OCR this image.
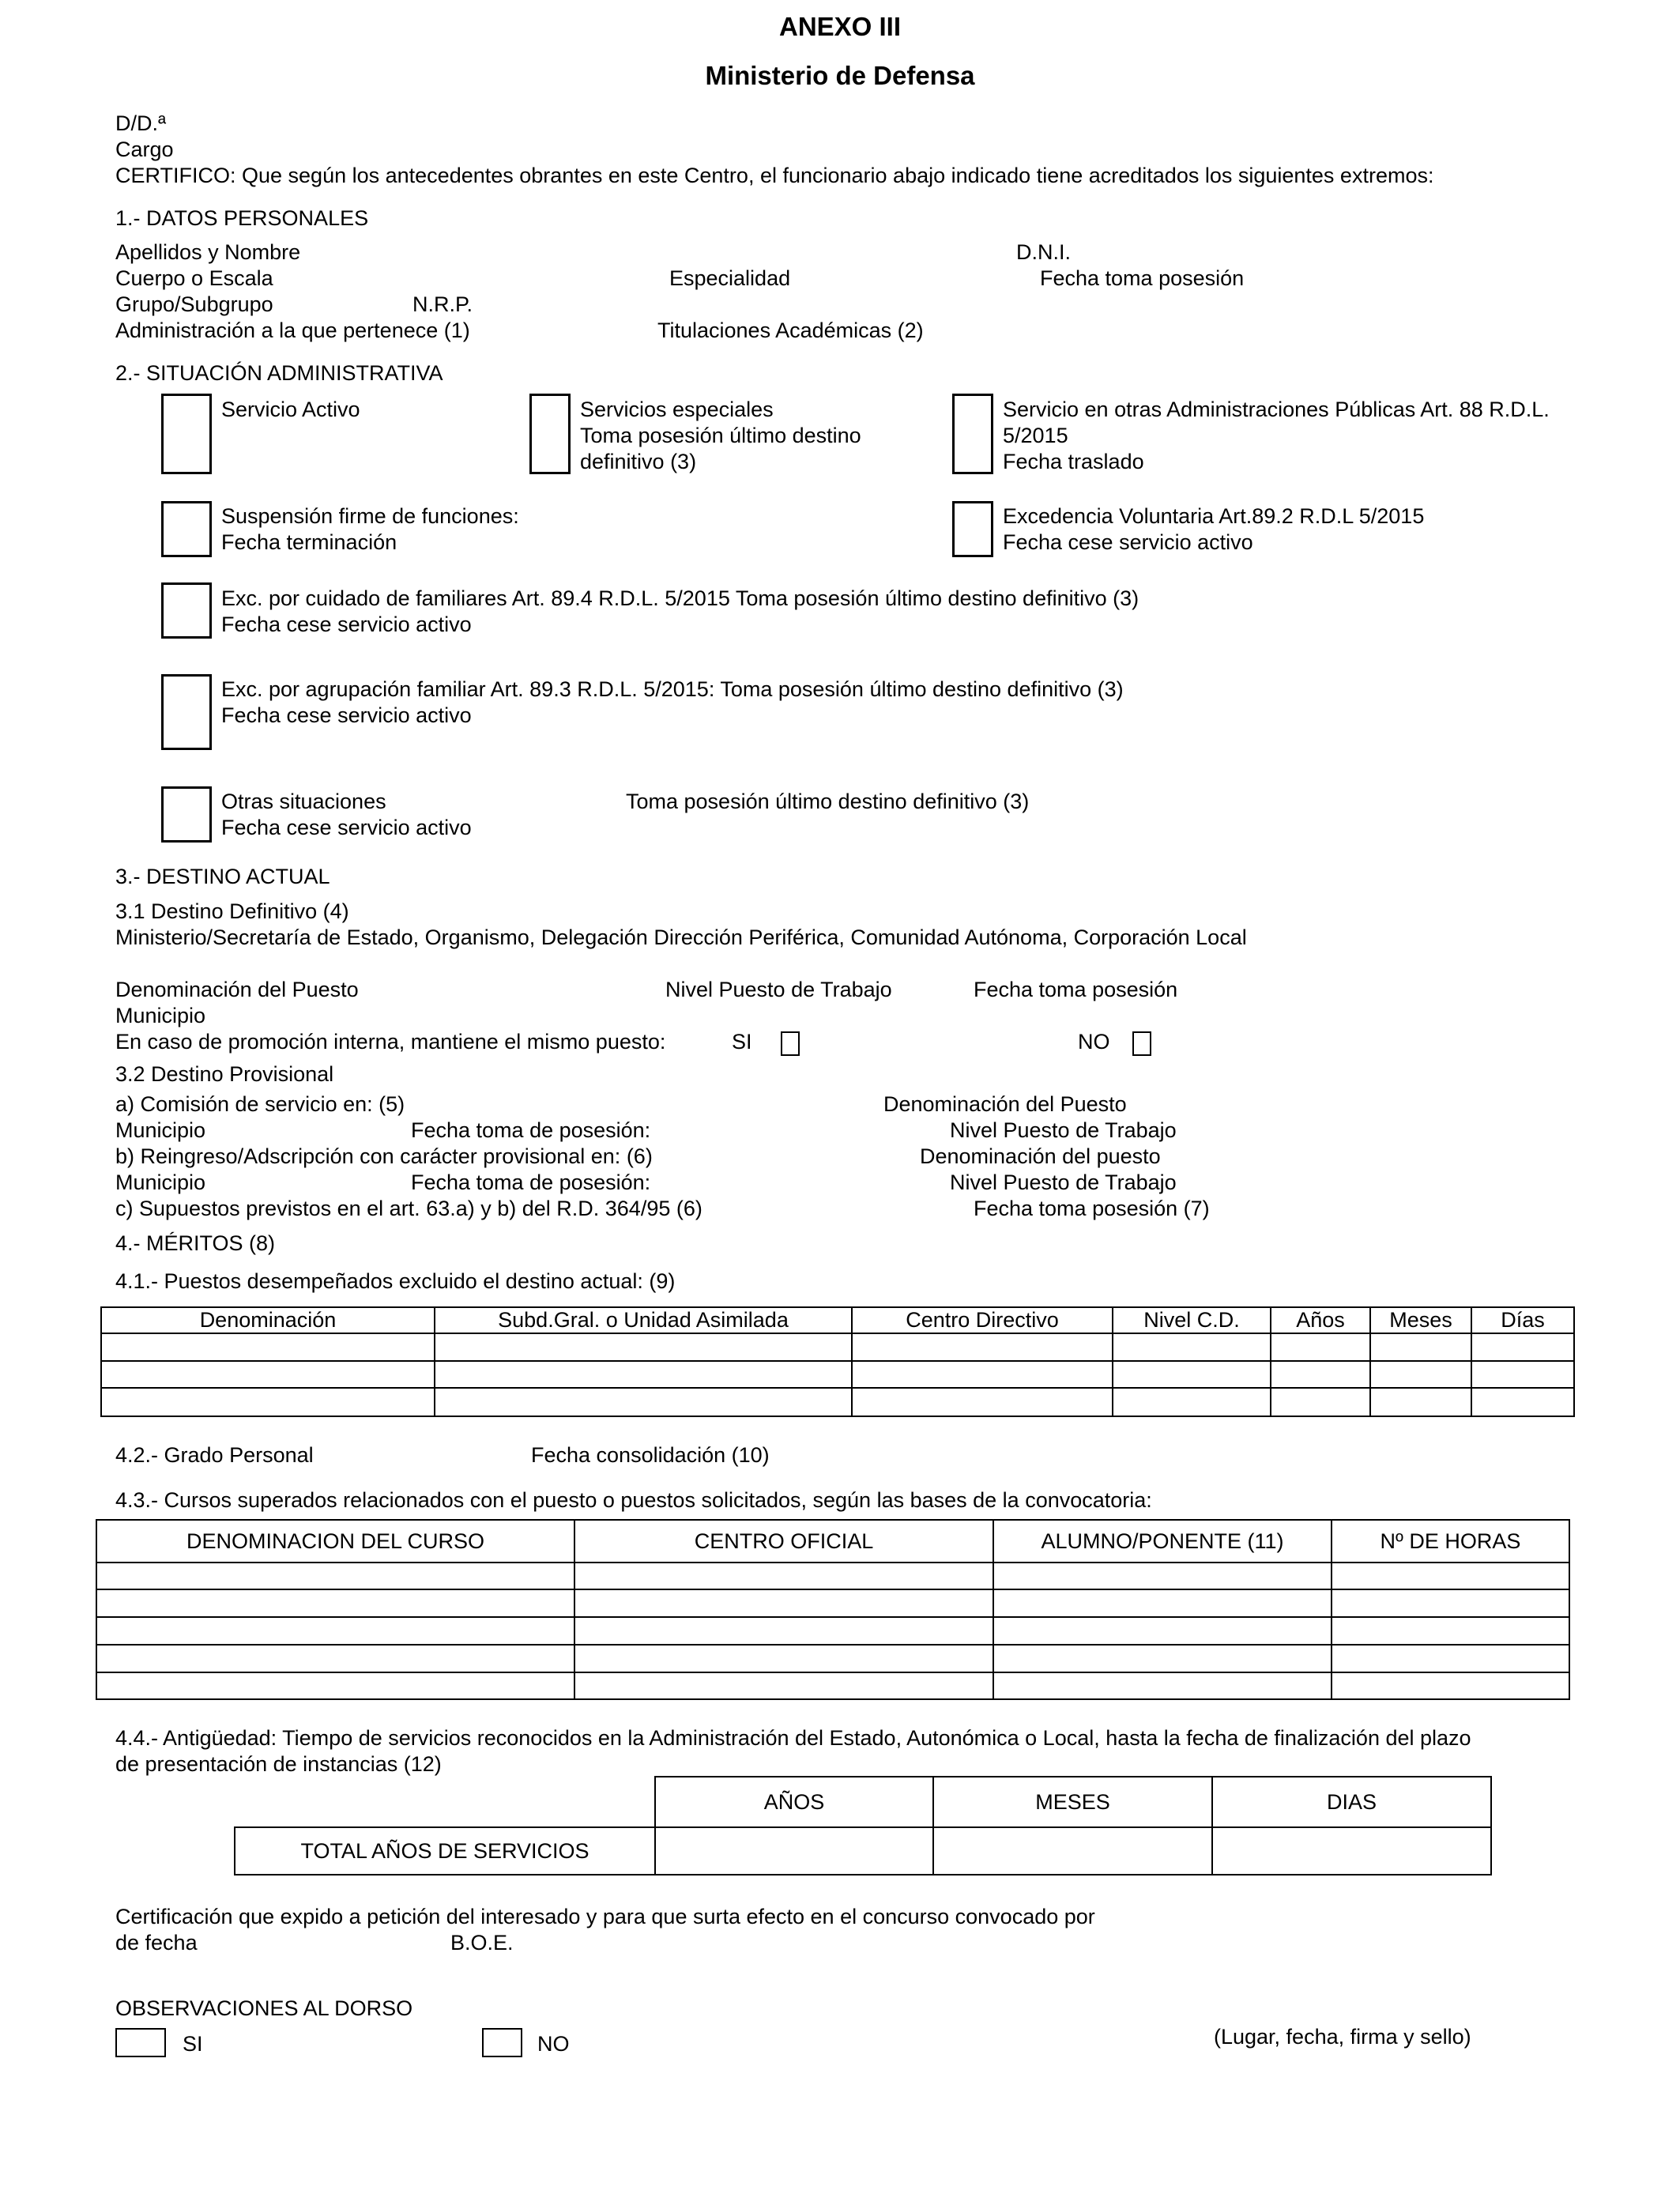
ANEXO III
Ministerio de Defensa
D/D.ª
Cargo
CERTIFICO: Que según los antecedentes obrantes en este Centro, el funcionario abajo indicado tiene acreditados los siguientes extremos:
1.- DATOS PERSONALES
Apellidos y Nombre	D.N.I.
Cuerpo o Escala	Especialidad	Fecha toma posesión
Grupo/Subgrupo	N.R.P.
Administración a la que pertenece (1)	Titulaciones Académicas (2)
2.- SITUACIÓN ADMINISTRATIVA
Servicio Activo	Servicios especiales
Toma posesión último destino
definitivo (3)
Servicio en otras Administraciones Públicas Art. 88 R.D.L.
5/2015
Fecha traslado
Suspensión firme de funciones:
Fecha terminación
Excedencia Voluntaria Art.89.2 R.D.L 5/2015
Fecha cese servicio activo
Exc. por cuidado de familiares Art. 89.4 R.D.L. 5/2015 Toma posesión último destino definitivo (3)
Fecha cese servicio activo
Exc. por agrupación familiar Art. 89.3 R.D.L. 5/2015: Toma posesión último destino definitivo (3)
Fecha cese servicio activo
Otras situaciones	Toma posesión último destino definitivo (3)
Fecha cese servicio activo
3.- DESTINO ACTUAL
3.1 Destino Definitivo (4)
Ministerio/Secretaría de Estado, Organismo, Delegación Dirección Periférica, Comunidad Autónoma, Corporación Local
Denominación del Puesto	Nivel Puesto de Trabajo	Fecha toma posesión
Municipio
En caso de promoción interna, mantiene el mismo puesto:	SI	NO
3.2 Destino Provisional
a) Comisión de servicio en: (5)	Denominación del Puesto
Municipio	Fecha toma de posesión:	Nivel Puesto de Trabajo
b) Reingreso/Adscripción con carácter provisional en: (6)	Denominación del puesto
Municipio	Fecha toma de posesión:	Nivel Puesto de Trabajo
c) Supuestos previstos en el art. 63.a) y b) del R.D. 364/95 (6)	Fecha toma posesión (7)
4.- MÉRITOS (8)
4.1.- Puestos desempeñados excluido el destino actual: (9)
Denominación	Subd.Gral. o Unidad Asimilada	Centro Directivo	Nivel C.D.	Años	Meses	Días

4.2.- Grado Personal	Fecha consolidación (10)
4.3.- Cursos superados relacionados con el puesto o puestos solicitados, según las bases de la convocatoria:
DENOMINACION DEL CURSO	CENTRO OFICIAL	ALUMNO/PONENTE (11)	Nº DE HORAS

4.4.- Antigüedad: Tiempo de servicios reconocidos en la Administración del Estado, Autonómica o Local, hasta la fecha de finalización del plazo
de presentación de instancias (12)
	AÑOS	MESES	DIAS
TOTAL AÑOS DE SERVICIOS			
Certificación que expido a petición del interesado y para que surta efecto en el concurso convocado por
de fecha	B.O.E.
OBSERVACIONES AL DORSO
SI	NO	(Lugar, fecha, firma y sello)
